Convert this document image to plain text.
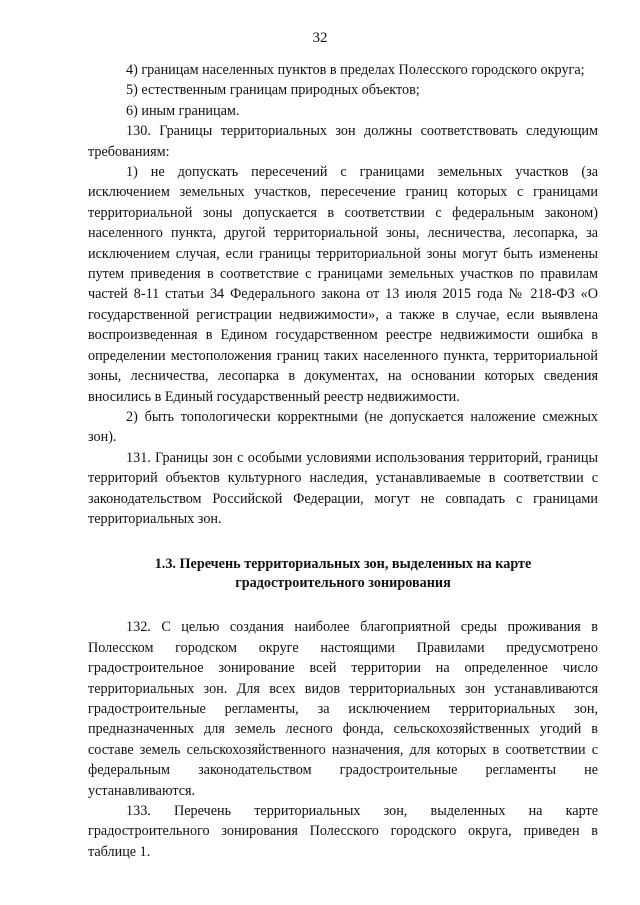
32

4) границам населенных пунктов в пределах Полесского городского округа;

5) естественным границам природных объектов;

6) иным границам.

130. Границы территориальных зон должны соответствовать следующим требованиям:

1) не допускать пересечений с границами земельных участков (за исключением земельных участков, пересечение границ которых с границами территориальной зоны допускается в соответствии с федеральным законом) населенного пункта, другой территориальной зоны, лесничества, лесопарка, за исключением случая, если границы территориальной зоны могут быть изменены путем приведения в соответствие с границами земельных участков по правилам частей 8-11 статьи 34 Федерального закона от 13 июля 2015 года № 218-ФЗ «О государственной регистрации недвижимости», а также в случае, если выявлена воспроизведенная в Едином государственном реестре недвижимости ошибка в определении местоположения границ таких населенного пункта, территориальной зоны, лесничества, лесопарка в документах, на основании которых сведения вносились в Единый государственный реестр недвижимости.

2) быть топологически корректными (не допускается наложение смежных зон).

131. Границы зон с особыми условиями использования территорий, границы территорий объектов культурного наследия, устанавливаемые в соответствии с законодательством Российской Федерации, могут не совпадать с границами территориальных зон.

1.3. Перечень территориальных зон, выделенных на карте градостроительного зонирования

132. С целью создания наиболее благоприятной среды проживания в Полесском городском округе настоящими Правилами предусмотрено градостроительное зонирование всей территории на определенное число территориальных зон. Для всех видов территориальных зон устанавливаются градостроительные регламенты, за исключением территориальных зон, предназначенных для земель лесного фонда, сельскохозяйственных угодий в составе земель сельскохозяйственного назначения, для которых в соответствии с федеральным законодательством градостроительные регламенты не устанавливаются.

133. Перечень территориальных зон, выделенных на карте градостроительного зонирования Полесского городского округа, приведен в таблице 1.
